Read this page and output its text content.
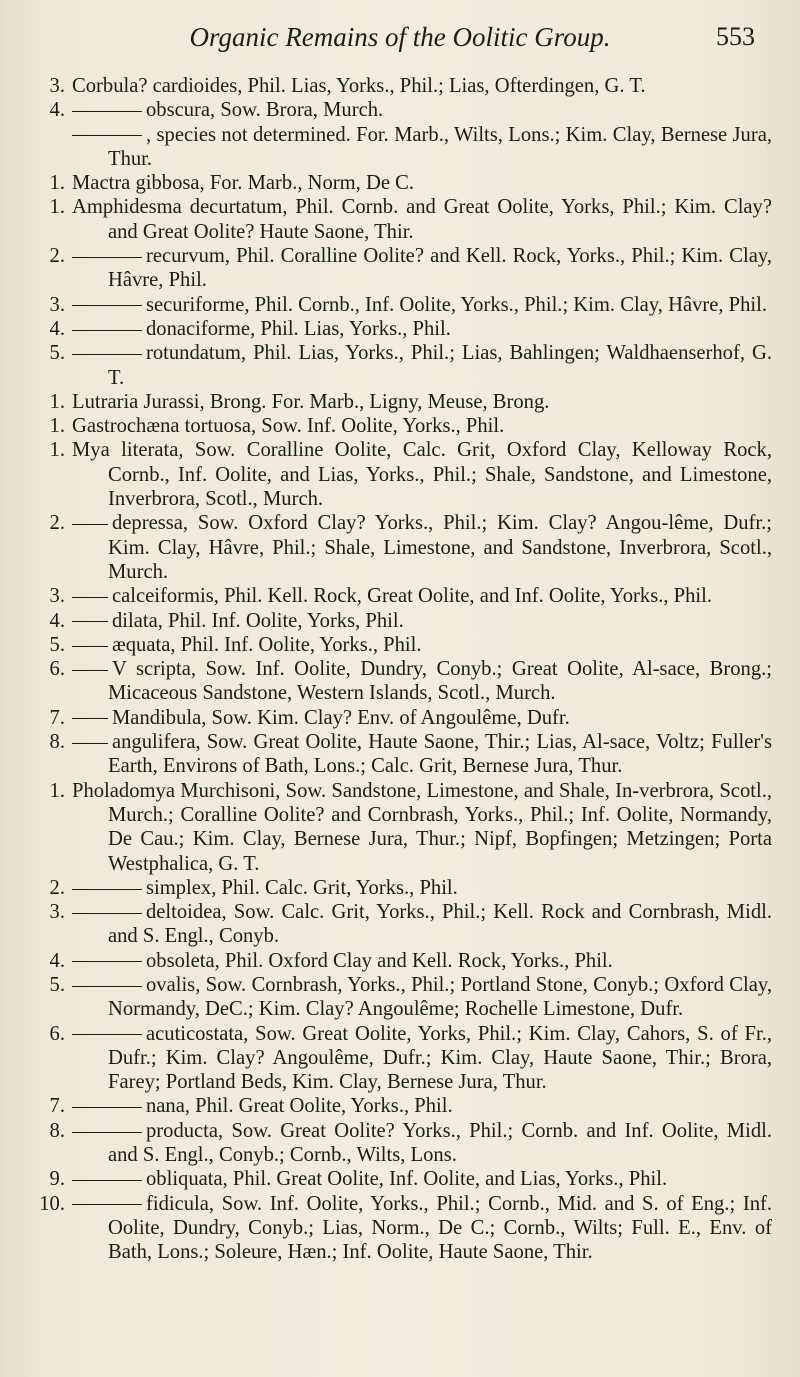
Organic Remains of the Oolitic Group.	553
3. Corbula? cardioides, Phil. Lias, Yorks., Phil.; Lias, Ofterdingen, G. T.
4.	obscura, Sow. Brora, Murch.
, species not determined. For. Marb., Wilts, Lons.; Kim. Clay, Bernese Jura, Thur.
1. Mactra gibbosa, For. Marb., Norm, De C.
1. Amphidesma decurtatum, Phil. Cornb. and Great Oolite, Yorks, Phil.; Kim. Clay? and Great Oolite? Haute Saone, Thir.
2.	recurvum, Phil. Coralline Oolite? and Kell. Rock, Yorks., Phil.; Kim. Clay, Hâvre, Phil.
3.	securiforme, Phil. Cornb., Inf. Oolite, Yorks., Phil.; Kim. Clay, Hâvre, Phil.
4.	donaciforme, Phil. Lias, Yorks., Phil.
5.	rotundatum, Phil. Lias, Yorks., Phil.; Lias, Bahlingen; Waldhaenserhof, G. T.
1. Lutraria Jurassi, Brong. For. Marb., Ligny, Meuse, Brong.
1. Gastrochæna tortuosa, Sow. Inf. Oolite, Yorks., Phil.
1. Mya literata, Sow. Coralline Oolite, Calc. Grit, Oxford Clay, Kelloway Rock, Cornb., Inf. Oolite, and Lias, Yorks., Phil.; Shale, Sandstone, and Limestone, Inverbrora, Scotl., Murch.
2.	depressa, Sow. Oxford Clay? Yorks., Phil.; Kim. Clay? Angou-lême, Dufr.; Kim. Clay, Hâvre, Phil.; Shale, Limestone, and Sandstone, Inverbrora, Scotl., Murch.
3.	calceiformis, Phil. Kell. Rock, Great Oolite, and Inf. Oolite, Yorks., Phil.
4.	dilata, Phil. Inf. Oolite, Yorks, Phil.
5.	æquata, Phil. Inf. Oolite, Yorks., Phil.
6.	V scripta, Sow. Inf. Oolite, Dundry, Conyb.; Great Oolite, Al-sace, Brong.; Micaceous Sandstone, Western Islands, Scotl., Murch.
7.	Mandibula, Sow. Kim. Clay? Env. of Angoulême, Dufr.
8.	angulifera, Sow. Great Oolite, Haute Saone, Thir.; Lias, Al-sace, Voltz; Fuller's Earth, Environs of Bath, Lons.; Calc. Grit, Bernese Jura, Thur.
1. Pholadomya Murchisoni, Sow. Sandstone, Limestone, and Shale, In-verbrora, Scotl., Murch.; Coralline Oolite? and Cornbrash, Yorks., Phil.; Inf. Oolite, Normandy, De Cau.; Kim. Clay, Bernese Jura, Thur.; Nipf, Bopfingen; Metzingen; Porta Westphalica, G. T.
2.	simplex, Phil. Calc. Grit, Yorks., Phil.
3.	deltoidea, Sow. Calc. Grit, Yorks., Phil.; Kell. Rock and Cornbrash, Midl. and S. Engl., Conyb.
4.	obsoleta, Phil. Oxford Clay and Kell. Rock, Yorks., Phil.
5.	ovalis, Sow. Cornbrash, Yorks., Phil.; Portland Stone, Conyb.; Oxford Clay, Normandy, DeC.; Kim. Clay? Angoulême; Rochelle Limestone, Dufr.
6.	acuticostata, Sow. Great Oolite, Yorks, Phil.; Kim. Clay, Cahors, S. of Fr., Dufr.; Kim. Clay? Angoulême, Dufr.; Kim. Clay, Haute Saone, Thir.; Brora, Farey; Portland Beds, Kim. Clay, Bernese Jura, Thur.
7.	nana, Phil. Great Oolite, Yorks., Phil.
8.	producta, Sow. Great Oolite? Yorks., Phil.; Cornb. and Inf. Oolite, Midl. and S. Engl., Conyb.; Cornb., Wilts, Lons.
9.	obliquata, Phil. Great Oolite, Inf. Oolite, and Lias, Yorks., Phil.
10.	fidicula, Sow. Inf. Oolite, Yorks., Phil.; Cornb., Mid. and S. of Eng.; Inf. Oolite, Dundry, Conyb.; Lias, Norm., De C.; Cornb., Wilts; Full. E., Env. of Bath, Lons.; Soleure, Hæn.; Inf. Oolite, Haute Saone, Thir.
